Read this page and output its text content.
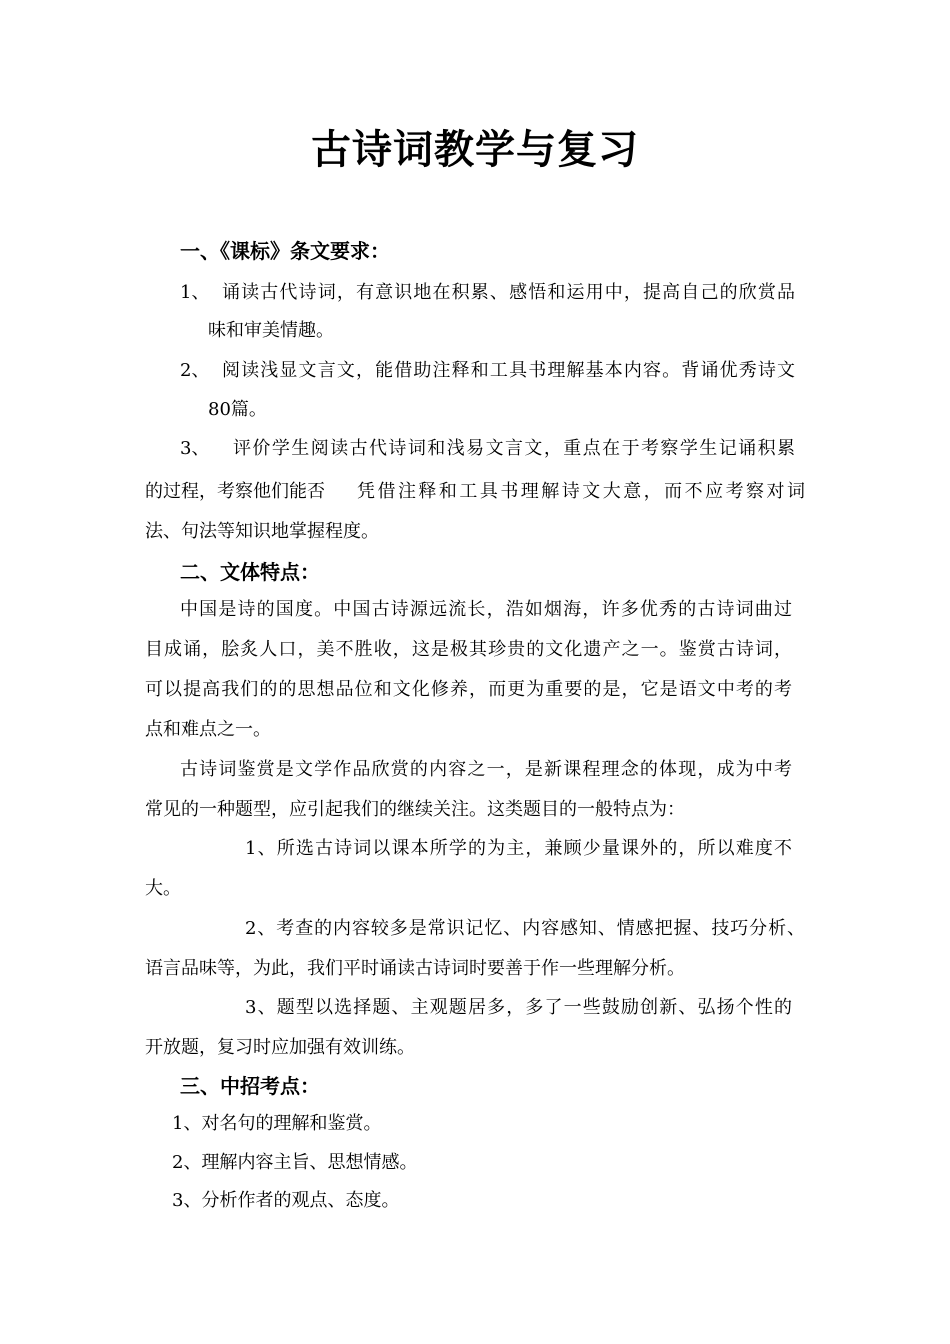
古诗词教学与复习
一、《课标》条文要求：
1、 诵读古代诗词，有意识地在积累、感悟和运用中，提高自己的欣赏品
味和审美情趣。
2、 阅读浅显文言文，能借助注释和工具书理解基本内容。背诵优秀诗文
80篇。
3、 评价学生阅读古代诗词和浅易文言文，重点在于考察学生记诵积累
的过程，考察他们能否 凭借注释和工具书理解诗文大意，而不应考察对词
法、句法等知识地掌握程度。
二、文体特点：
中国是诗的国度。中国古诗源远流长，浩如烟海，许多优秀的古诗词曲过
目成诵，脍炙人口，美不胜收，这是极其珍贵的文化遗产之一。鉴赏古诗词，
可以提高我们的的思想品位和文化修养，而更为重要的是，它是语文中考的考
点和难点之一。
古诗词鉴赏是文学作品欣赏的内容之一，是新课程理念的体现，成为中考
常见的一种题型，应引起我们的继续关注。这类题目的一般特点为：
1、所选古诗词以课本所学的为主，兼顾少量课外的，所以难度不
大。
2、考查的内容较多是常识记忆、内容感知、情感把握、技巧分析、
语言品味等，为此，我们平时诵读古诗词时要善于作一些理解分析。
3、题型以选择题、主观题居多，多了一些鼓励创新、弘扬个性的
开放题，复习时应加强有效训练。
三、中招考点：
1、对名句的理解和鉴赏。
2、理解内容主旨、思想情感。
3、分析作者的观点、态度。
